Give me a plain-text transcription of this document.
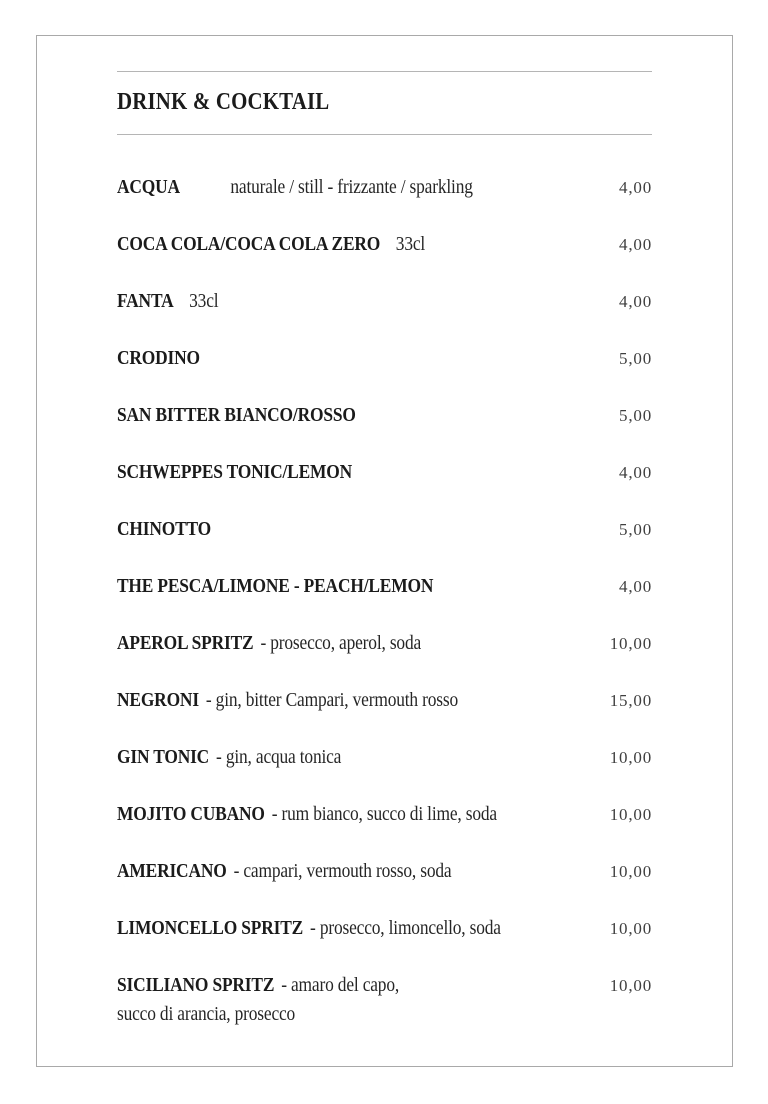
DRINK & COCKTAIL
ACQUA	naturale / still - frizzante / sparkling	4,00
COCA COLA/COCA COLA ZERO 33cl	4,00
FANTA 33cl	4,00
CRODINO	5,00
SAN BITTER BIANCO/ROSSO	5,00
SCHWEPPES TONIC/LEMON	4,00
CHINOTTO	5,00
THE PESCA/LIMONE - PEACH/LEMON	4,00
APEROL SPRITZ - prosecco, aperol, soda	10,00
NEGRONI - gin, bitter Campari, vermouth rosso	15,00
GIN TONIC - gin, acqua tonica	10,00
MOJITO CUBANO - rum bianco, succo di lime, soda	10,00
AMERICANO - campari, vermouth rosso, soda	10,00
LIMONCELLO SPRITZ - prosecco, limoncello, soda	10,00
SICILIANO SPRITZ - amaro del capo,
succo di arancia, prosecco
10,00
